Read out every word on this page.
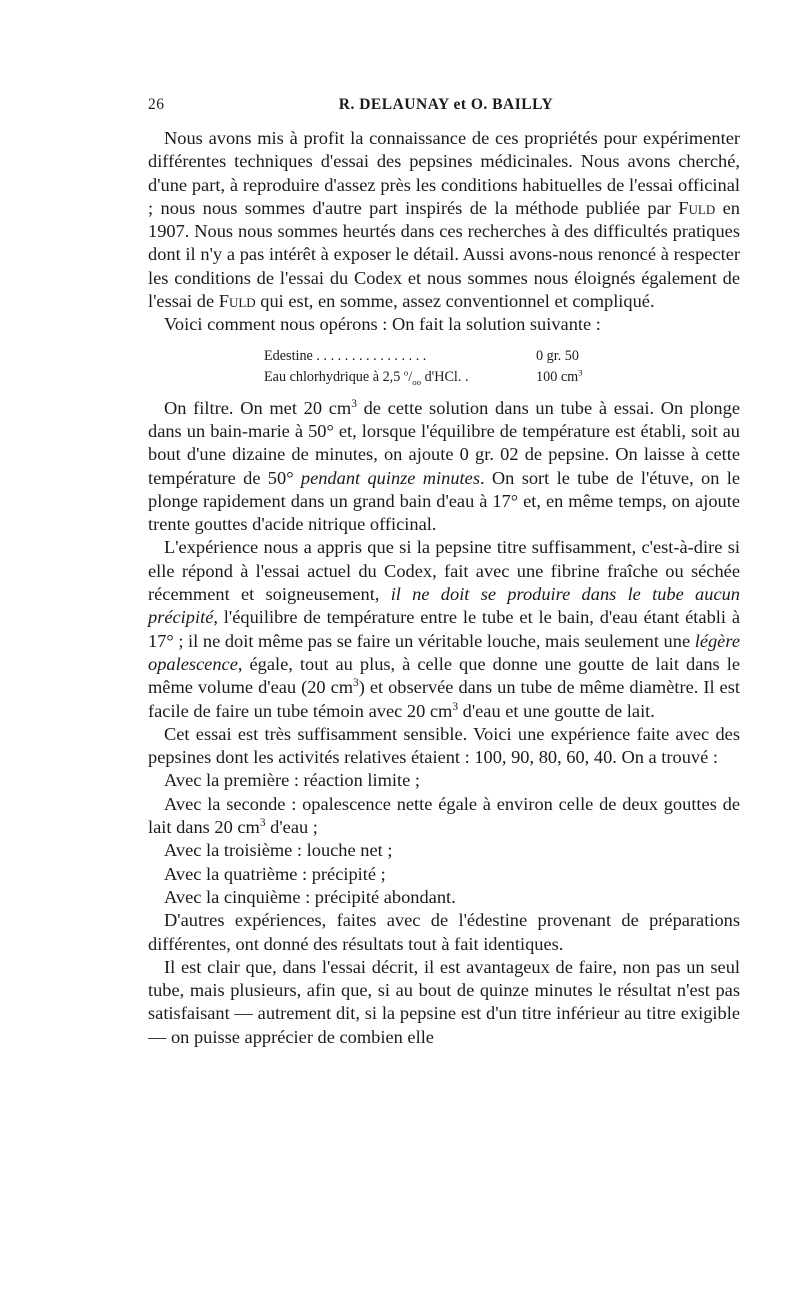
26	R. DELAUNAY et O. BAILLY

Nous avons mis à profit la connaissance de ces propriétés pour expérimenter différentes techniques d'essai des pepsines médicinales. Nous avons cherché, d'une part, à reproduire d'assez près les conditions habituelles de l'essai officinal ; nous nous sommes d'autre part inspirés de la méthode publiée par Fuld en 1907. Nous nous sommes heurtés dans ces recherches à des difficultés pratiques dont il n'y a pas intérêt à exposer le détail. Aussi avons-nous renoncé à respecter les conditions de l'essai du Codex et nous sommes nous éloignés également de l'essai de Fuld qui est, en somme, assez conventionnel et compliqué.

Voici comment nous opérons : On fait la solution suivante :

Edestine . . . . . . . . . . . . . . . .	0 gr. 50
Eau chlorhydrique à 2,5 $^o/_{oo}$ d'HCl. .	100 $cm^3$

On filtre. On met 20 $cm^3$ de cette solution dans un tube à essai. On plonge dans un bain-marie à 50° et, lorsque l'équilibre de température est établi, soit au bout d'une dizaine de minutes, on ajoute 0 gr. 02 de pepsine. On laisse à cette température de 50° pendant quinze minutes. On sort le tube de l'étuve, on le plonge rapidement dans un grand bain d'eau à 17° et, en même temps, on ajoute trente gouttes d'acide nitrique officinal.

L'expérience nous a appris que si la pepsine titre suffisamment, c'est-à-dire si elle répond à l'essai actuel du Codex, fait avec une fibrine fraîche ou séchée récemment et soigneusement, il ne doit se produire dans le tube aucun précipité, l'équilibre de température entre le tube et le bain, d'eau étant établi à 17° ; il ne doit même pas se faire un véritable louche, mais seulement une légère opalescence, égale, tout au plus, à celle que donne une goutte de lait dans le même volume d'eau (20 $cm^3$) et observée dans un tube de même diamètre. Il est facile de faire un tube témoin avec 20 $cm^3$ d'eau et une goutte de lait.

Cet essai est très suffisamment sensible. Voici une expérience faite avec des pepsines dont les activités relatives étaient : 100, 90, 80, 60, 40. On a trouvé :

Avec la première : réaction limite ;

Avec la seconde : opalescence nette égale à environ celle de deux gouttes de lait dans 20 $cm^3$ d'eau ;

Avec la troisième : louche net ;

Avec la quatrième : précipité ;

Avec la cinquième : précipité abondant.

D'autres expériences, faites avec de l'édestine provenant de préparations différentes, ont donné des résultats tout à fait identiques.

Il est clair que, dans l'essai décrit, il est avantageux de faire, non pas un seul tube, mais plusieurs, afin que, si au bout de quinze minutes le résultat n'est pas satisfaisant — autrement dit, si la pepsine est d'un titre inférieur au titre exigible — on puisse apprécier de combien elle
